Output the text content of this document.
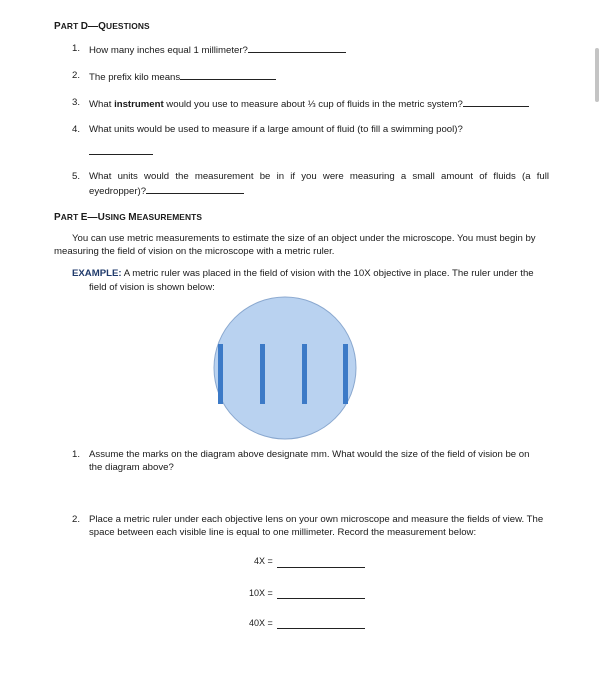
PART D—QUESTIONS
1. How many inches equal 1 millimeter?
2. The prefix kilo means
3. What instrument would you use to measure about ⅓ cup of fluids in the metric system?
4. What units would be used to measure if a large amount of fluid (to fill a swimming pool)?
5. What units would the measurement be in if you were measuring a small amount of fluids (a full
eyedropper)?
PART E—USING MEASUREMENTS
You can use metric measurements to estimate the size of an object under the microscope. You must begin by
measuring the field of vision on the microscope with a metric ruler.
EXAMPLE: A metric ruler was placed in the field of vision with the 10X objective in place. The ruler under the
field of vision is shown below:
1. Assume the marks on the diagram above designate mm. What would the size of the field of vision be on
the diagram above?
2. Place a metric ruler under each objective lens on your own microscope and measure the fields of view. The
space between each visible line is equal to one millimeter. Record the measurement below:
4X =
10X =
40X =
